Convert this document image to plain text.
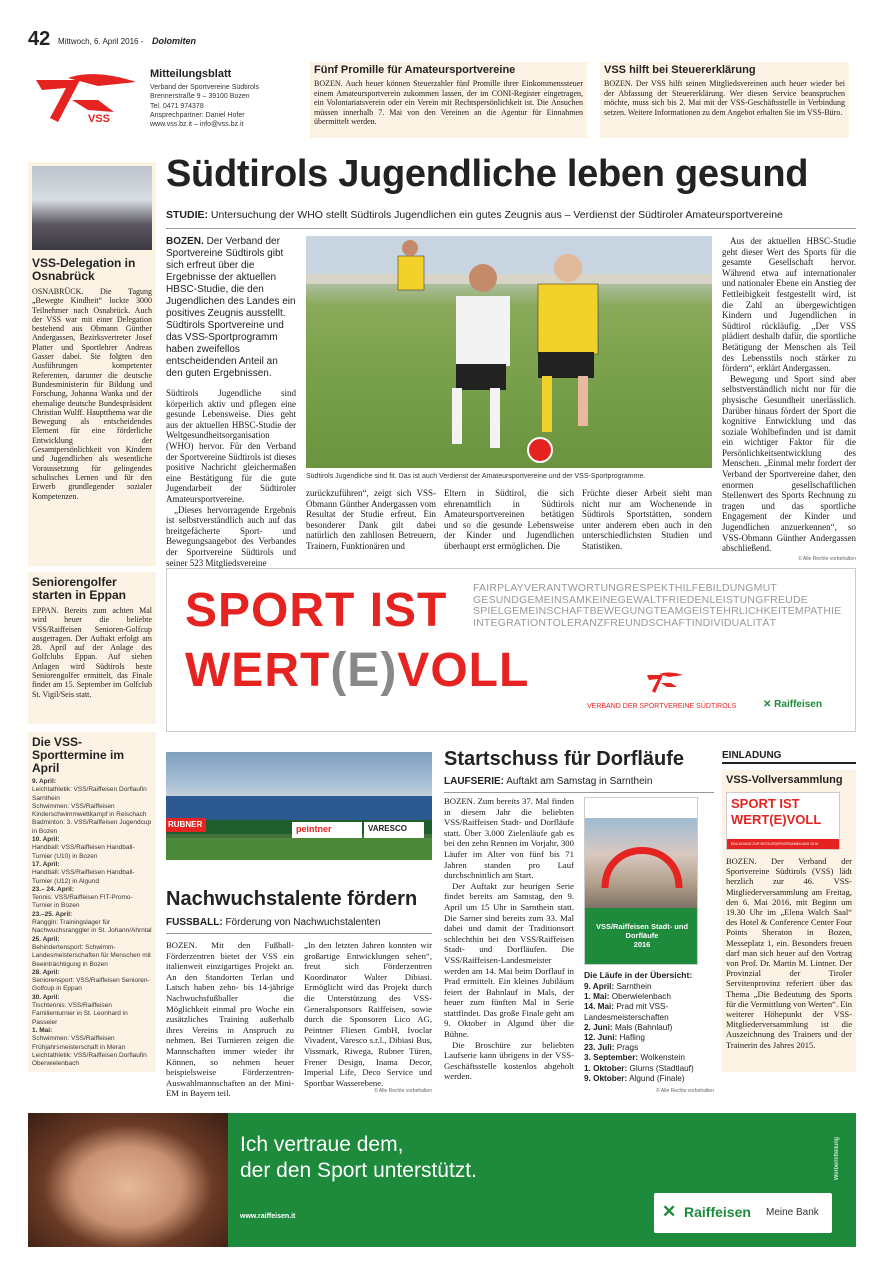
42 Mittwoch, 6. April 2016 - Dolomiten
VSS
Mitteilungsblatt
Verband der Sportvereine Südtirols
Brennerstraße 9 – 39100 Bozen
Tel. 0471 974378
Ansprechpartner: Daniel Hofer
www.vss.bz.it – info@vss.bz.it
Fünf Promille für Amateursportvereine
BOZEN. Auch heuer können Steuerzahler fünf Promille ihrer Einkommenssteuer einem Amateursportverein zukommen lassen, der im CONI-Register eingetragen, ein Volontariatsverein oder ein Verein mit Rechtspersönlichkeit ist. Die Ansuchen müssen innerhalb 7. Mai von den Vereinen an die Agentur für Einnahmen übermittelt werden.
VSS hilft bei Steuererklärung
BOZEN. Der VSS hilft seinen Mitgliedsvereinen auch heuer wieder bei der Abfassung der Steuererklärung. Wer diesen Service beanspruchen möchte, muss sich bis 2. Mai mit der VSS-Geschäftsstelle in Verbindung setzen. Weitere Informationen zu dem Angebot erhalten Sie im VSS-Büro.
VSS-Delegation in Osnabrück
OSNABRÜCK. Die Tagung „Bewegte Kindheit“ lockte 3000 Teilnehmer nach Osnabrück. Auch der VSS war mit einer Delegation bestehend aus Obmann Günther Andergassen, Bezirksvertreter Josef Platter und Sportlehrer Andreas Gasser dabei. Sie folgten den Ausführungen kompetenter Referenten, darunter die deutsche Bundesministerin für Bildung und Forschung, Johanna Wanka und der ehemalige deutsche Bundespräsident Christian Wulff. Hauptthema war die Bewegung als entscheidendes Element für eine förderliche Entwicklung der Gesamtpersönlichkeit von Kindern und Jugendlichen als wesentliche Voraussetzung für gelingendes schulisches Lernen und für den Erwerb grundlegender sozialer Kompetenzen.
Seniorengolfer starten in Eppan
EPPAN. Bereits zum achten Mal wird heuer die beliebte VSS/Raiffeisen Senioren-Golfcup ausgetragen. Der Auftakt erfolgt am 28. April auf der Anlage des Golfclubs Eppan. Auf sieben Anlagen wird Südtirols beste Seniorengolfer ermittelt, das Finale findet am 15. September im Golfclub St. Vigil/Seis statt.
Die VSS-Sporttermine im April
9. April:
Leichtathletik: VSS/Raiffeisen Dorflaufin Sarnthein
Schwimmen: VSS/Raiffeisen Kinderschwimmwettkampf in Reischach
Badminton: 3. VSS/Raiffeisen Jugendcup in Bozen
10. April:
Handball: VSS/Raiffeisen Handball-Turnier (U10) in Bozen
17. April:
Handball: VSS/Raiffeisen Handball-Turnier (U12) in Algund
23.– 24. April:
Tennis: VSS/Raiffeisen FIT-Promo-Turnier in Bozen
23.–25. April:
Ranggln: Trainingslager für Nachwuchsranggler in St. Johann/Ahrntal
25. April:
Behindertensport: Schwimm-Landesmeisterschaften für Menschen mit Beeinträchtigung in Bozen
28. April:
Seniorensport: VSS/Raiffeisen Senioren-Golfcup in Eppan
30. April:
Tischtennis: VSS/Raiffeisen Familienturnier in St. Leonhard in Passeier
1. Mai:
Schwimmen: VSS/Raiffeisen Frühjahrsmeisterschaft in Meran
Leichtathletik: VSS/Raiffeisen Dorflaufin Oberwielenbach
Südtirols Jugendliche leben gesund
STUDIE: Untersuchung der WHO stellt Südtirols Jugendlichen ein gutes Zeugnis aus – Verdienst der Südtiroler Amateursportvereine
BOZEN. Der Verband der Sportvereine Südtirols gibt sich erfreut über die Ergebnisse der aktuellen HBSC-Studie, die den Jugendlichen des Landes ein positives Zeugnis ausstellt. Südtirols Sportvereine und das VSS-Sportprogramm haben zweifellos entscheidenden Anteil an den guten Ergebnissen.
Südtirols Jugendliche sind körperlich aktiv und pflegen eine gesunde Lebensweise. Dies geht aus der aktuellen HBSC-Studie der Weltgesundheitsorganisation (WHO) hervor. Für den Verband der Sportvereine Südtirols ist dieses positive Nachricht gleichermaßen eine Bestätigung für die gute Jugendarbeit der Südtiroler Amateursportvereine.
„Dieses hervorragende Ergebnis ist selbstverständlich auch auf das breitgefächerte Sport- und Bewegungsangebot des Verbandes der Sportvereine Südtirols und seiner 523 Mitgliedsvereine
Südtirols Jugendliche sind fit. Das ist auch Verdienst der Amateursportvereine und der VSS-Sportprogramme.
zurückzuführen“, zeigt sich VSS-Obmann Günther Andergassen vom Resultat der Studie erfreut. Ein besonderer Dank gilt dabei natürlich den zahllosen Betreuern, Trainern, Funktionären und
Eltern in Südtirol, die sich ehrenamtlich in Südtirols Amateursportvereinen betätigen und so die gesunde Lebensweise der Kinder und Jugendlichen überhaupt erst ermöglichen. Die
Früchte dieser Arbeit sieht man nicht nur am Wochenende in Südtirols Sportstätten, sondern unter anderem eben auch in den unterschiedlichsten Studien und Statistiken.
Aus der aktuellen HBSC-Studie geht dieser Wert des Sports für die gesamte Gesellschaft hervor. Während etwa auf internationaler und nationaler Ebene ein Anstieg der Fettleibigkeit festgestellt wird, ist die Zahl an übergewichtigen Kindern und Jugendlichen in Südtirol rückläufig. „Der VSS plädiert deshalb dafür, die sportliche Betätigung der Menschen als Teil des Lebensstils noch stärker zu fördern“, erklärt Andergassen.
Bewegung und Sport sind aber selbstverständlich nicht nur für die physische Gesundheit unerlässlich. Darüber hinaus fördert der Sport die kognitive Entwicklung und das soziale Wohlbefinden und ist damit ein wichtiger Faktor für die Persönlichkeitsentwicklung des Menschen. „Einmal mehr fordert der Verband der Sportvereine daher, den enormen gesellschaftlichen Stellenwert des Sports Rechnung zu tragen und das sportliche Engagement der Kinder und Jugendlichen anzuerkennen“, so VSS-Obmann Günther Andergassen abschließend.
© Alle Rechte vorbehalten
SPORT IST
WERT(E)VOLL
FAIRPLAYVERANTWORTUNGRESPEKTHILFEBILDUNGMUT
GESUNDGEMEINSAMKEINEGEWALTFRIEDENLEISTUNGFREUDE
SPIELGEMEINSCHAFTBEWEGUNGTEAMGEISTEHRLICHKEITEMPATHIE
INTEGRATIONTOLERANZFREUNDSCHAFTINDIVIDUALITÄT
VERBAND DER SPORTVEREINE SÜDTIROLS	✕ Raiffeisen
RUBNER	peintner	VARESCO
Nachwuchstalente fördern
FUSSBALL: Förderung von Nachwuchstalenten
BOZEN. Mit den Fußball-Förderzentren bietet der VSS ein italienweit einzigartiges Projekt an. An den Standorten Terlan und Latsch haben zehn- bis 14-jährige Nachwuchsfußballer die Möglichkeit einmal pro Woche ein zusätzliches Training außerhalb ihres Vereins in Anspruch zu nehmen. Bei Turnieren zeigen die Mannschaften immer wieder ihr Können, so nehmen heuer beispielsweise Förderzentren-Auswahlmannschaften an der Mini-EM in Bayern teil.
„In den letzten Jahren konnten wir großartige Entwicklungen sehen“, freut sich Förderzentren Koordinator Walter Dibiasi. Ermöglicht wird das Projekt durch die Unterstützung des VSS-Generalsponsors Raiffeisen, sowie durch die Sponsoren Lico AG, Peintner Fliesen GmbH, Ivoclar Vivadent, Varesco s.r.l., Dibiasi Bus, Vissmark, Riwega, Rubner Türen, Frener Design, Inama Decor, Imperial Life, Deco Service und Sportbar Wasserebene.
© Alle Rechte vorbehalten
Startschuss für Dorfläufe
LAUFSERIE: Auftakt am Samstag in Sarnthein
BOZEN. Zum bereits 37. Mal finden in diesem Jahr die beliebten VSS/Raiffeisen Stadt- und Dorfläufe statt. Über 3.000 Zielenläufe gab es bei den zehn Rennen im Vorjahr, 300 Läufer im Alter von fünf bis 71 Jahren standen pro Lauf durchschnittlich am Start.
Der Auftakt zur heurigen Serie findet bereits am Samstag, den 9. April um 15 Uhr in Sarnthein statt. Die Sarner sind bereits zum 33. Mal dabei und damit der Traditionsort schlechthin bei den VSS/Raiffeisen Stadt- und Dorfläufen. Die VSS/Raiffeisen-Landesmeister werden am 14. Mai beim Dorflauf in Prad ermittelt. Ein kleines Jubiläum feiert der Bahnlauf in Mals, der heuer zum fünften Mal in Serie stattfindet. Das große Finale geht am 9. Oktober in Algund über die Bühne.
Die Broschüre zur beliebten Laufserie kann übrigens in der VSS-Geschäftsstelle kostenlos abgeholt werden.
VSS/Raiffeisen Stadt- und Dorfläufe
2016
Die Läufe in der Übersicht:
9. April: Sarnthein
1. Mai: Oberwielenbach
14. Mai: Prad mit VSS-Landesmeisterschaften
2. Juni: Mals (Bahnlauf)
12. Juni: Hafling
23. Juli: Prags
3. September: Wolkenstein
1. Oktober: Glurns (Stadtlauf)
9. Oktober: Algund (Finale)
© Alle Rechte vorbehalten
EINLADUNG
VSS-Vollversammlung
SPORT IST
WERT(E)VOLL
EINLADUNG ZUR MITGLIEDERVERSAMMLUNG 2016
BOZEN. Der Verband der Sportvereine Südtirols (VSS) lädt herzlich zur 46. VSS-Mitgliederversammlung am Freitag, den 6. Mai 2016, mit Beginn um 19.30 Uhr im „Elena Walch Saal“ des Hotel & Conference Center Four Points Sheraton in Bozen, Messeplatz 1, ein. Besonders freuen darf man sich heuer auf den Vortrag von Prof. Dr. Martin M. Lintner. Der Provinzial der Tiroler Servitenprovinz referiert über das Thema „Die Bedeutung des Sports für die Vermittlung von Werten“. Ein weiterer Höhepunkt der VSS-Mitgliederversammlung ist die Auszeichnung des Trainers und der Trainerin des Jahres 2015.
Ich vertraue dem,
der den Sport unterstützt.
www.raiffeisen.it	✕ Raiffeisen Meine Bank
Werbemitteilung
